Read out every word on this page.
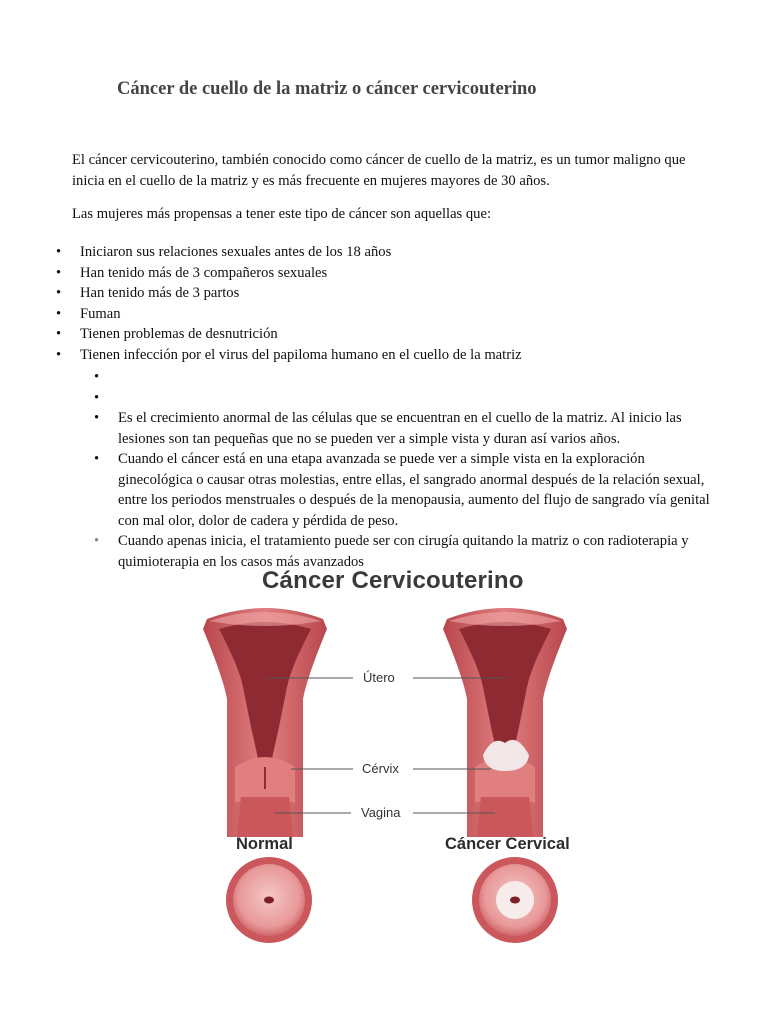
Cáncer de cuello de la matriz o cáncer cervicouterino

El cáncer cervicouterino, también conocido como cáncer de cuello de la matriz, es un tumor maligno que inicia en el cuello de la matriz y es más frecuente en mujeres mayores de 30 años.

Las mujeres más propensas a tener este tipo de cáncer son aquellas que:

• Iniciaron sus relaciones sexuales antes de los 18 años
• Han tenido más de 3 compañeros sexuales
• Han tenido más de 3 partos
• Fuman
• Tienen problemas de desnutrición
• Tienen infección por el virus del papiloma humano en el cuello de la matriz
•
•
• Es el crecimiento anormal de las células que se encuentran en el cuello de la matriz. Al inicio las lesiones son tan pequeñas que no se pueden ver a simple vista y duran así varios años.
• Cuando el cáncer está en una etapa avanzada se puede ver a simple vista en la exploración ginecológica o causar otras molestias, entre ellas, el sangrado anormal después de la relación sexual, entre los periodos menstruales o después de la menopausia, aumento del flujo de sangrado vía genital con mal olor, dolor de cadera y pérdida de peso.
• Cuando apenas inicia, el tratamiento puede ser con cirugía quitando la matriz o con radioterapia y quimioterapia en los casos más avanzados
Cáncer Cervicouterino
Útero
Cérvix
Vagina
Normal	Cáncer Cervical
